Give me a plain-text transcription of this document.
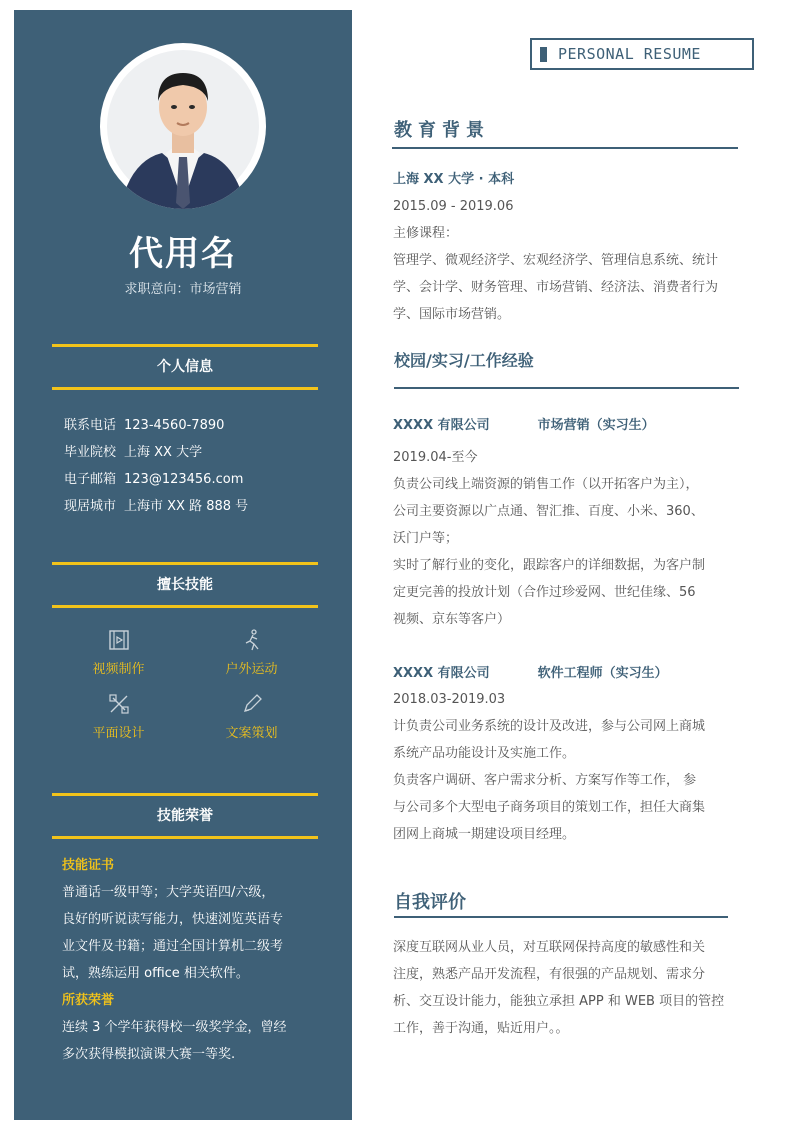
代用名
求职意向：市场营销
个人信息
联系电话 123-4560-7890
毕业院校 上海 XX 大学
电子邮箱 123@123456.com
现居城市 上海市 XX 路 888 号
擅长技能
视频制作	户外运动
平面设计	文案策划
技能荣誉
技能证书
普通话一级甲等；大学英语四/六级，
良好的听说读写能力，快速浏览英语专
业文件及书籍；通过全国计算机二级考
试，熟练运用 office 相关软件。
所获荣誉
连续 3 个学年获得校一级奖学金，曾经
多次获得模拟演课大赛一等奖.
PERSONAL RESUME
教育背景
上海 XX 大学 · 本科
2015.09 - 2019.06
主修课程：
管理学、微观经济学、宏观经济学、管理信息系统、统计
学、会计学、财务管理、市场营销、经济法、消费者行为
学、国际市场营销。
校园/实习/工作经验
XXXX 有限公司	市场营销（实习生）
2019.04-至今
负责公司线上端资源的销售工作（以开拓客户为主），
公司主要资源以广点通、智汇推、百度、小米、360、
沃门户等；
实时了解行业的变化，跟踪客户的详细数据，为客户制
定更完善的投放计划（合作过珍爱网、世纪佳缘、56
视频、京东等客户）
XXXX 有限公司	软件工程师（实习生）
2018.03-2019.03
计负责公司业务系统的设计及改进，参与公司网上商城
系统产品功能设计及实施工作。
负责客户调研、客户需求分析、方案写作等工作， 参
与公司多个大型电子商务项目的策划工作，担任大商集
团网上商城一期建设项目经理。
自我评价
深度互联网从业人员，对互联网保持高度的敏感性和关
注度，熟悉产品开发流程，有很强的产品规划、需求分
析、交互设计能力，能独立承担 APP 和 WEB 项目的管控
工作，善于沟通，贴近用户。。
